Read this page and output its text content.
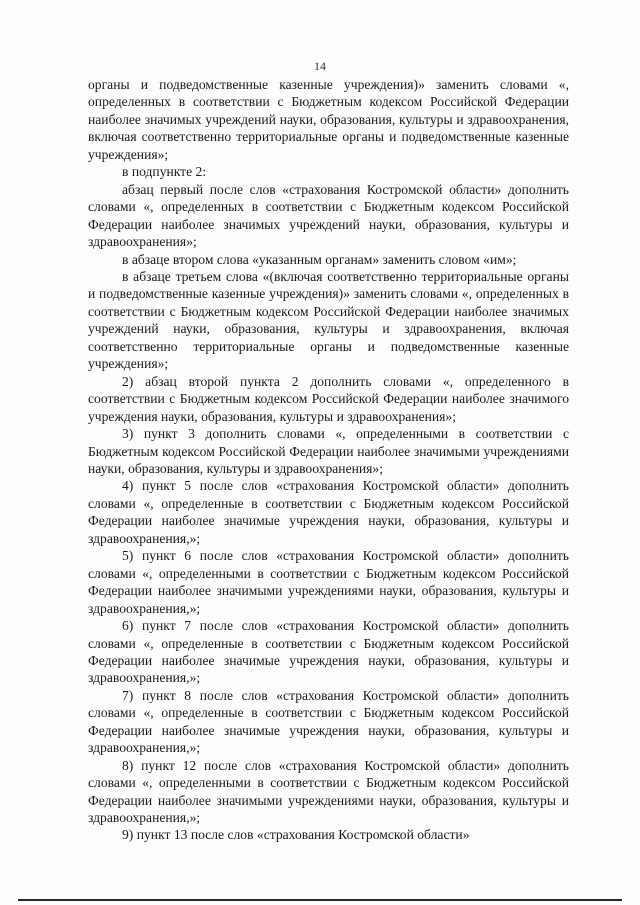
14

органы и подведомственные казенные учреждения)» заменить словами «, определенных в соответствии с Бюджетным кодексом Российской Федерации наиболее значимых учреждений науки, образования, культуры и здравоохранения, включая соответственно территориальные органы и подведомственные казенные учреждения»;

в подпункте 2:

абзац первый после слов «страхования Костромской области» дополнить словами «, определенных в соответствии с Бюджетным кодексом Российской Федерации наиболее значимых учреждений науки, образования, культуры и здравоохранения»;

в абзаце втором слова «указанным органам» заменить словом «им»;

в абзаце третьем слова «(включая соответственно территориальные органы и подведомственные казенные учреждения)» заменить словами «, определенных в соответствии с Бюджетным кодексом Российской Федерации наиболее значимых учреждений науки, образования, культуры и здравоохранения, включая соответственно территориальные органы и подведомственные казенные учреждения»;

2) абзац второй пункта 2 дополнить словами «, определенного в соответствии с Бюджетным кодексом Российской Федерации наиболее значимого учреждения науки, образования, культуры и здравоохранения»;

3) пункт 3 дополнить словами «, определенными в соответствии с Бюджетным кодексом Российской Федерации наиболее значимыми учреждениями науки, образования, культуры и здравоохранения»;

4) пункт 5 после слов «страхования Костромской области» дополнить словами «, определенные в соответствии с Бюджетным кодексом Российской Федерации наиболее значимые учреждения науки, образования, культуры и здравоохранения,»;

5) пункт 6 после слов «страхования Костромской области» дополнить словами «, определенными в соответствии с Бюджетным кодексом Российской Федерации наиболее значимыми учреждениями науки, образования, культуры и здравоохранения,»;

6) пункт 7 после слов «страхования Костромской области» дополнить словами «, определенные в соответствии с Бюджетным кодексом Российской Федерации наиболее значимые учреждения науки, образования, культуры и здравоохранения,»;

7) пункт 8 после слов «страхования Костромской области» дополнить словами «, определенные в соответствии с Бюджетным кодексом Российской Федерации наиболее значимые учреждения науки, образования, культуры и здравоохранения,»;

8) пункт 12 после слов «страхования Костромской области» дополнить словами «, определенными в соответствии с Бюджетным кодексом Российской Федерации наиболее значимыми учреждениями науки, образования, культуры и здравоохранения,»;

9) пункт 13 после слов «страхования Костромской области»
